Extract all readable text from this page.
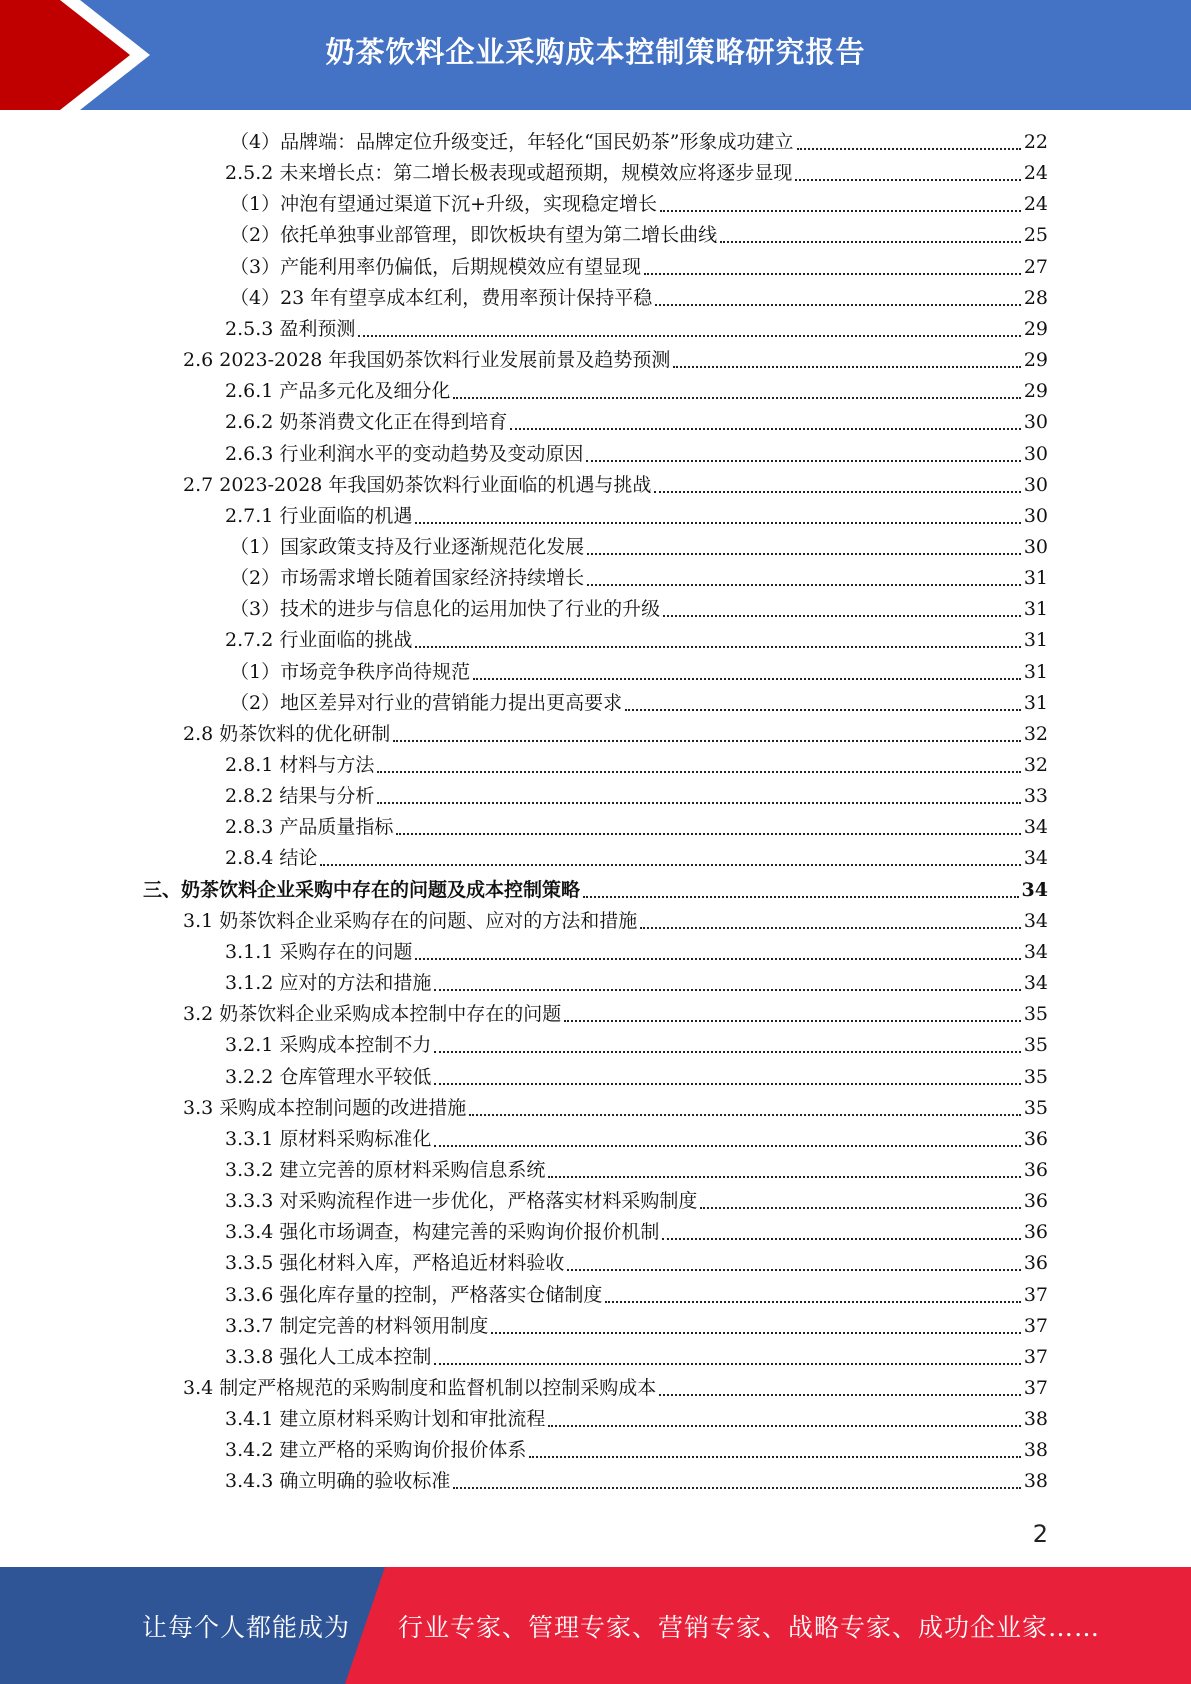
奶茶饮料企业采购成本控制策略研究报告
（4）品牌端：品牌定位升级变迁，年轻化“国民奶茶”形象成功建立	22
2.5.2 未来增长点：第二增长极表现或超预期，规模效应将逐步显现	24
（1）冲泡有望通过渠道下沉+升级，实现稳定增长	24
（2）依托单独事业部管理，即饮板块有望为第二增长曲线	25
（3）产能利用率仍偏低，后期规模效应有望显现	27
（4）23 年有望享成本红利，费用率预计保持平稳	28
2.5.3 盈利预测	29
2.6 2023-2028 年我国奶茶饮料行业发展前景及趋势预测	29
2.6.1 产品多元化及细分化	29
2.6.2 奶茶消费文化正在得到培育	30
2.6.3 行业利润水平的变动趋势及变动原因	30
2.7 2023-2028 年我国奶茶饮料行业面临的机遇与挑战	30
2.7.1 行业面临的机遇	30
（1）国家政策支持及行业逐渐规范化发展	30
（2）市场需求增长随着国家经济持续增长	31
（3）技术的进步与信息化的运用加快了行业的升级	31
2.7.2 行业面临的挑战	31
（1）市场竞争秩序尚待规范	31
（2）地区差异对行业的营销能力提出更高要求	31
2.8 奶茶饮料的优化研制	32
2.8.1 材料与方法	32
2.8.2 结果与分析	33
2.8.3 产品质量指标	34
2.8.4 结论	34
三、奶茶饮料企业采购中存在的问题及成本控制策略	34
3.1 奶茶饮料企业采购存在的问题、应对的方法和措施	34
3.1.1 采购存在的问题	34
3.1.2 应对的方法和措施	34
3.2 奶茶饮料企业采购成本控制中存在的问题	35
3.2.1 采购成本控制不力	35
3.2.2 仓库管理水平较低	35
3.3 采购成本控制问题的改进措施	35
3.3.1 原材料采购标准化	36
3.3.2 建立完善的原材料采购信息系统	36
3.3.3 对采购流程作进一步优化，严格落实材料采购制度	36
3.3.4 强化市场调查，构建完善的采购询价报价机制	36
3.3.5 强化材料入库，严格追近材料验收	36
3.3.6 强化库存量的控制，严格落实仓储制度	37
3.3.7 制定完善的材料领用制度	37
3.3.8 强化人工成本控制	37
3.4 制定严格规范的采购制度和监督机制以控制采购成本	37
3.4.1 建立原材料采购计划和审批流程	38
3.4.2 建立严格的采购询价报价体系	38
3.4.3 确立明确的验收标准	38
2
让每个人都能成为 行业专家、管理专家、营销专家、战略专家、成功企业家……
